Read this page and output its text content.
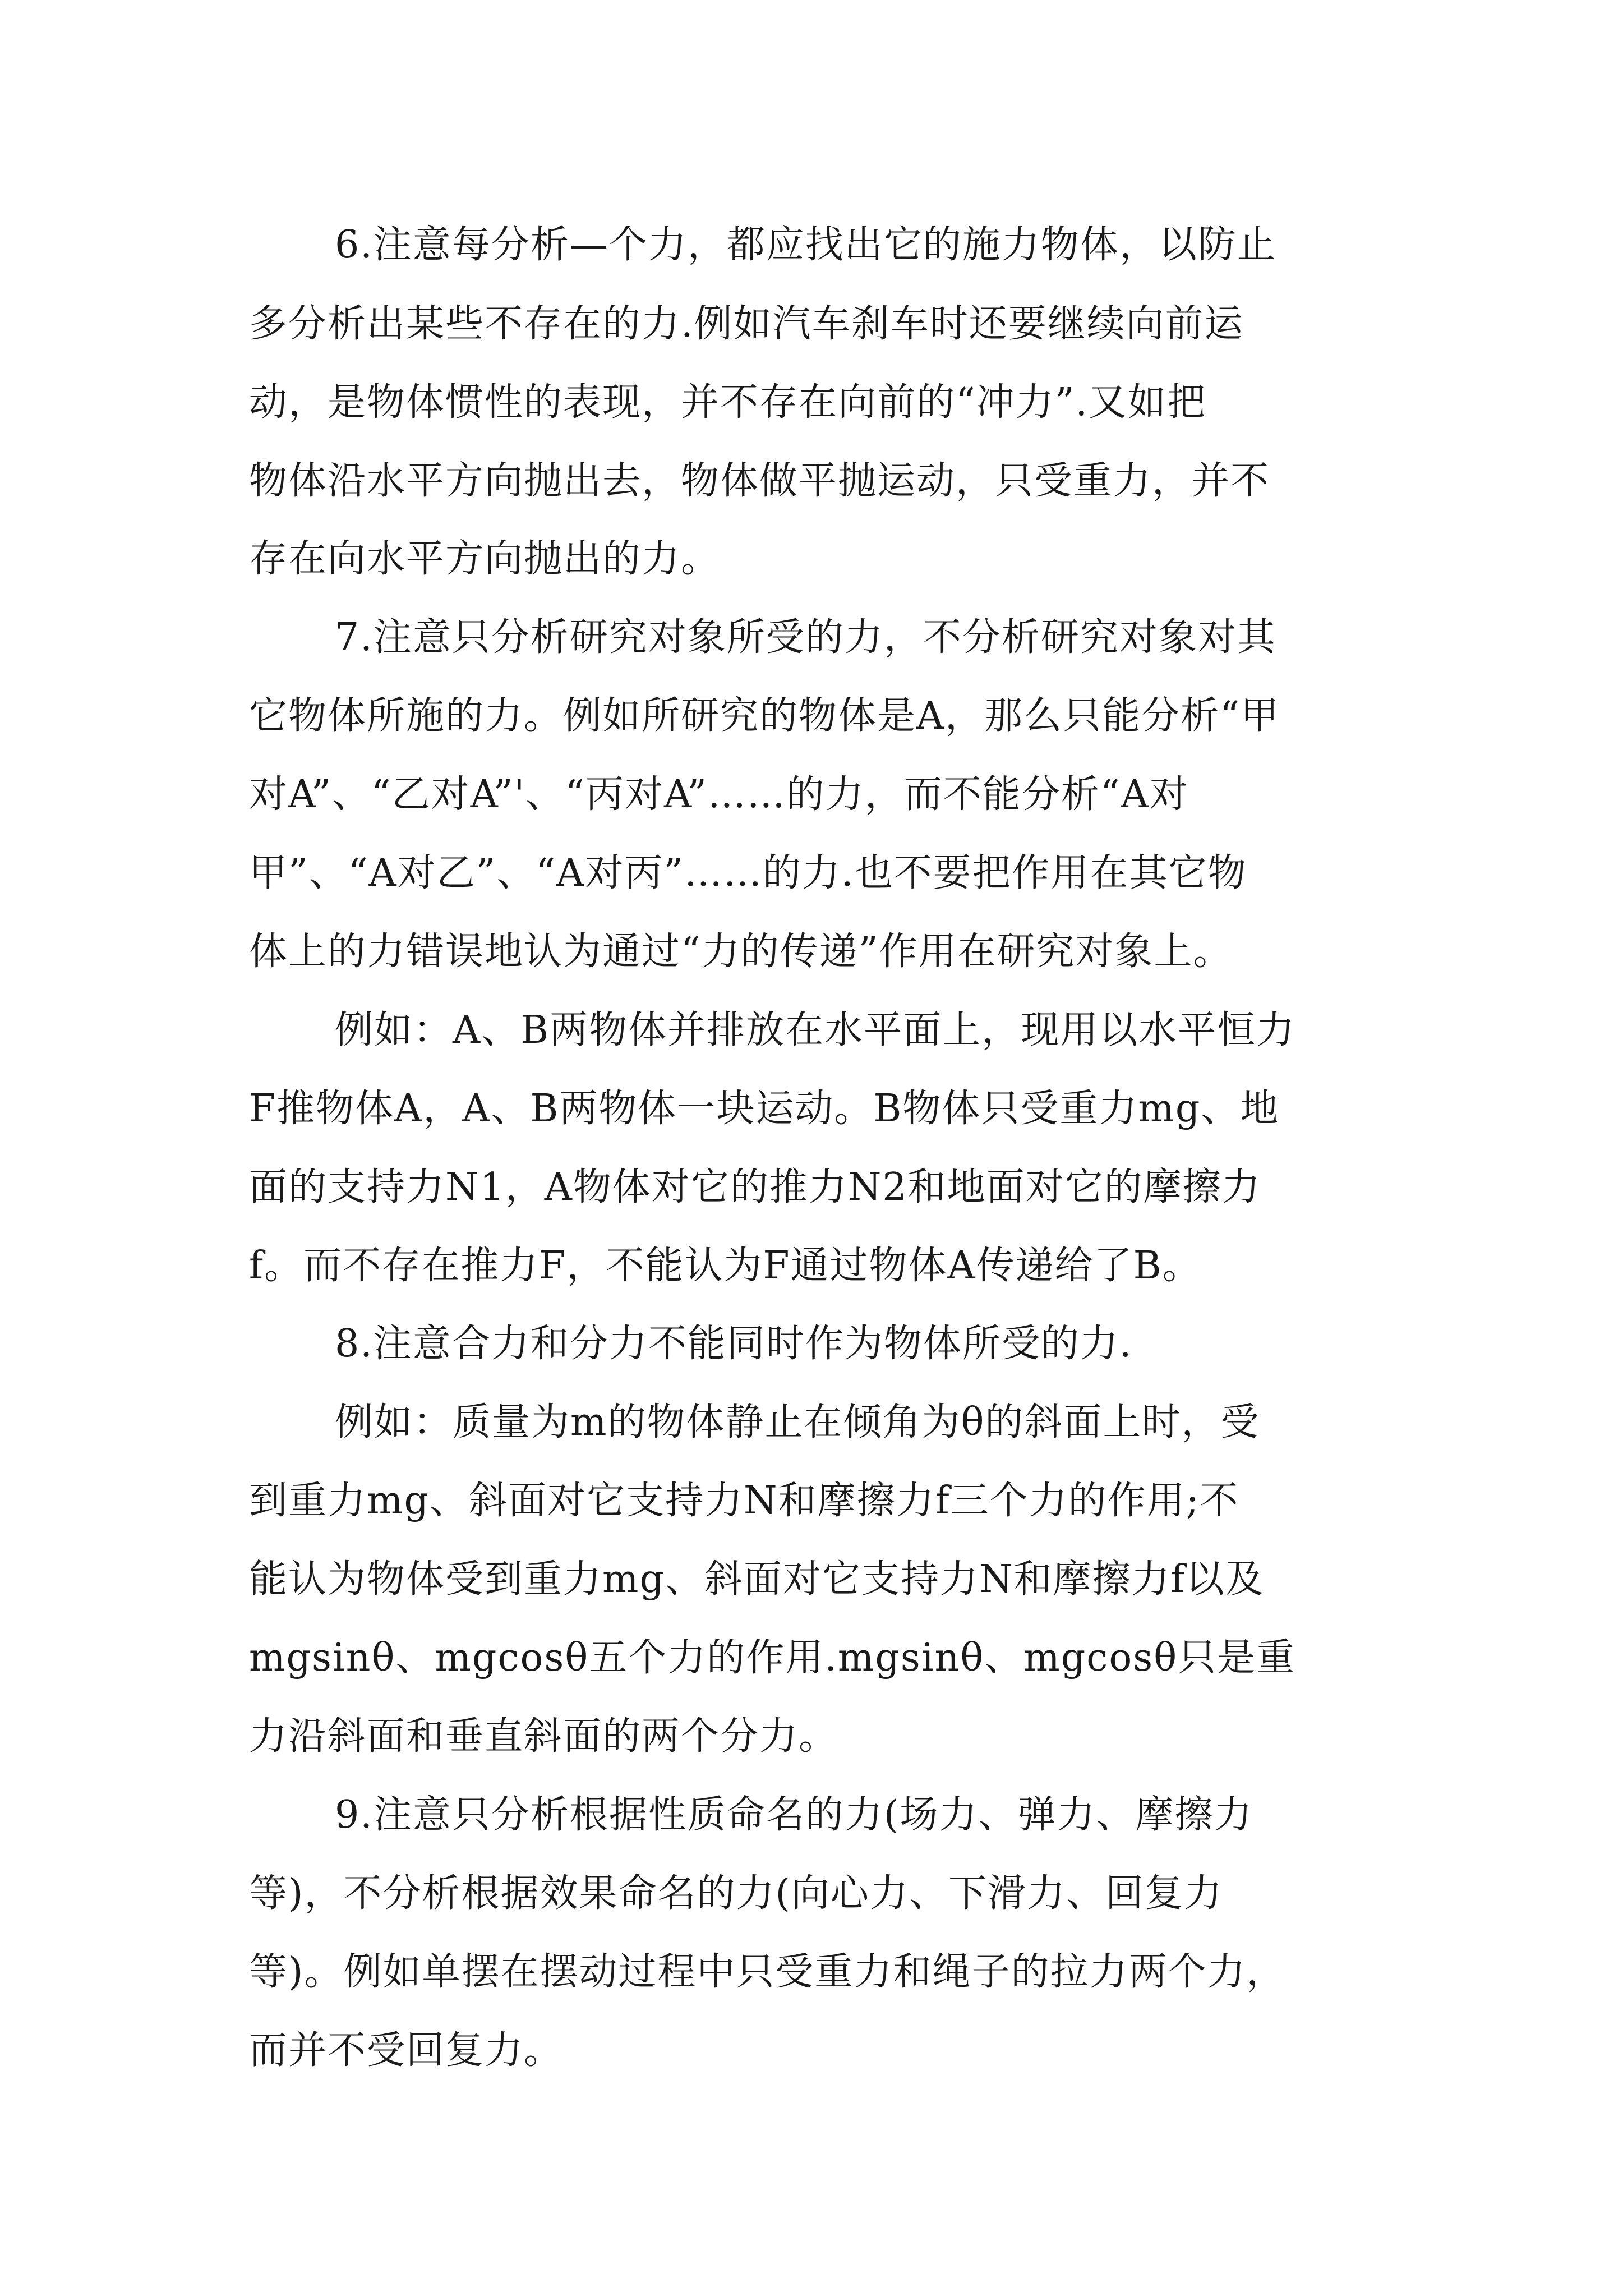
6.注意每分析—个力，都应找出它的施力物体，以防止
多分析出某些不存在的力.例如汽车刹车时还要继续向前运
动，是物体惯性的表现，并不存在向前的“冲力”.又如把
物体沿水平方向抛出去，物体做平抛运动，只受重力，并不
存在向水平方向抛出的力。
7.注意只分析研究对象所受的力，不分析研究对象对其
它物体所施的力。例如所研究的物体是A，那么只能分析“甲
对A”、“乙对A”'、“丙对A”……的力，而不能分析“A对
甲”、“A对乙”、“A对丙”……的力.也不要把作用在其它物
体上的力错误地认为通过“力的传递”作用在研究对象上。
例如：A、B两物体并排放在水平面上，现用以水平恒力
F推物体A，A、B两物体一块运动。B物体只受重力mg、地
面的支持力N1，A物体对它的推力N2和地面对它的摩擦力
f。而不存在推力F，不能认为F通过物体A传递给了B。
8.注意合力和分力不能同时作为物体所受的力.
例如：质量为m的物体静止在倾角为θ的斜面上时，受
到重力mg、斜面对它支持力N和摩擦力f三个力的作用;不
能认为物体受到重力mg、斜面对它支持力N和摩擦力f以及
mgsinθ、mgcosθ五个力的作用.mgsinθ、mgcosθ只是重
力沿斜面和垂直斜面的两个分力。
9.注意只分析根据性质命名的力(场力、弹力、摩擦力
等)，不分析根据效果命名的力(向心力、下滑力、回复力
等)。例如单摆在摆动过程中只受重力和绳子的拉力两个力，
而并不受回复力。
